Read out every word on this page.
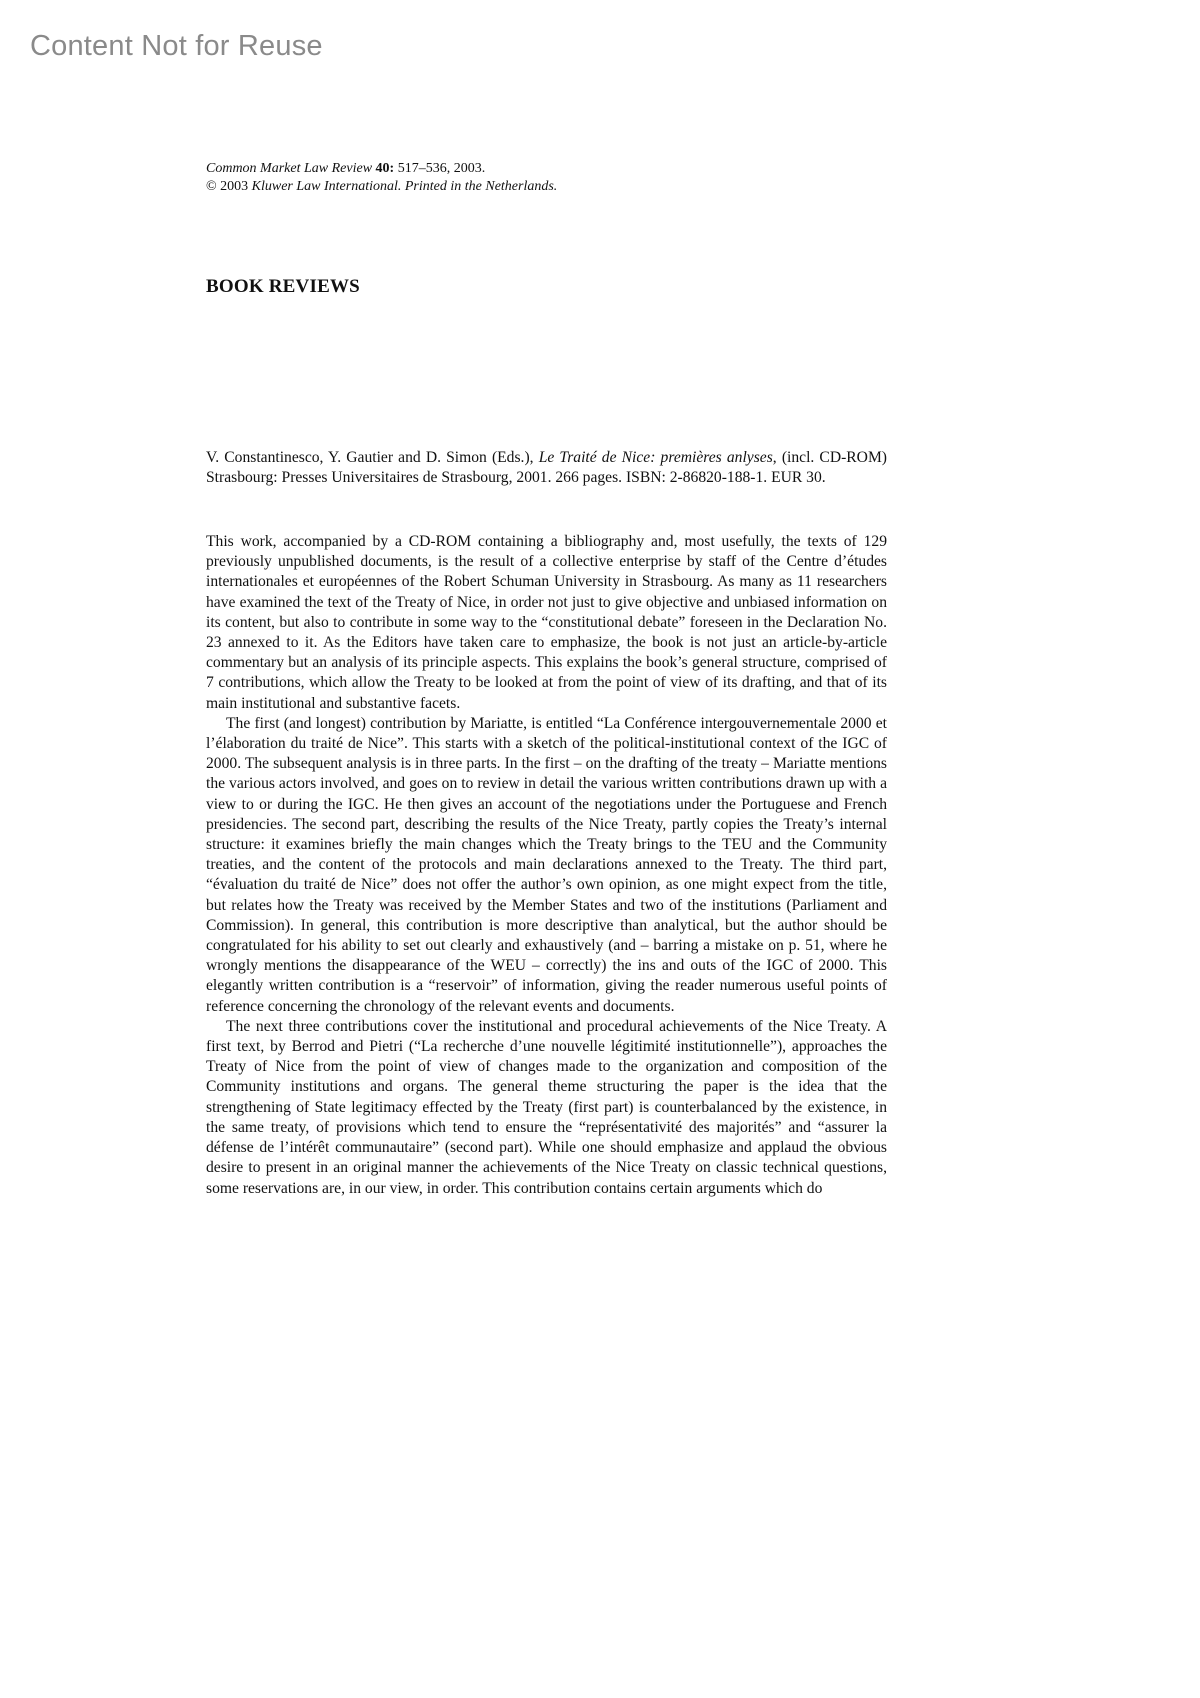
Content Not for Reuse
Common Market Law Review 40: 517–536, 2003.
© 2003 Kluwer Law International. Printed in the Netherlands.
BOOK REVIEWS
V. Constantinesco, Y. Gautier and D. Simon (Eds.), Le Traité de Nice: premières anlyses, (incl. CD-ROM) Strasbourg: Presses Universitaires de Strasbourg, 2001. 266 pages. ISBN: 2-86820-188-1. EUR 30.

This work, accompanied by a CD-ROM containing a bibliography and, most usefully, the texts of 129 previously unpublished documents, is the result of a collective enterprise by staff of the Centre d’études internationales et européennes of the Robert Schuman University in Strasbourg. As many as 11 researchers have examined the text of the Treaty of Nice, in order not just to give objective and unbiased information on its content, but also to contribute in some way to the “constitutional debate” foreseen in the Declaration No. 23 annexed to it. As the Editors have taken care to emphasize, the book is not just an article-by-article commentary but an analysis of its principle aspects. This explains the book’s general structure, comprised of 7 contributions, which allow the Treaty to be looked at from the point of view of its drafting, and that of its main institutional and substantive facets.

The first (and longest) contribution by Mariatte, is entitled “La Conférence intergouvernementale 2000 et l’élaboration du traité de Nice”. This starts with a sketch of the political-institutional context of the IGC of 2000. The subsequent analysis is in three parts. In the first – on the drafting of the treaty – Mariatte mentions the various actors involved, and goes on to review in detail the various written contributions drawn up with a view to or during the IGC. He then gives an account of the negotiations under the Portuguese and French presidencies. The second part, describing the results of the Nice Treaty, partly copies the Treaty’s internal structure: it examines briefly the main changes which the Treaty brings to the TEU and the Community treaties, and the content of the protocols and main declarations annexed to the Treaty. The third part, “évaluation du traité de Nice” does not offer the author’s own opinion, as one might expect from the title, but relates how the Treaty was received by the Member States and two of the institutions (Parliament and Commission). In general, this contribution is more descriptive than analytical, but the author should be congratulated for his ability to set out clearly and exhaustively (and – barring a mistake on p. 51, where he wrongly mentions the disappearance of the WEU – correctly) the ins and outs of the IGC of 2000. This elegantly written contribution is a “reservoir” of information, giving the reader numerous useful points of reference concerning the chronology of the relevant events and documents.

The next three contributions cover the institutional and procedural achievements of the Nice Treaty. A first text, by Berrod and Pietri (“La recherche d’une nouvelle légitimité institutionnelle”), approaches the Treaty of Nice from the point of view of changes made to the organization and composition of the Community institutions and organs. The general theme structuring the paper is the idea that the strengthening of State legitimacy effected by the Treaty (first part) is counterbalanced by the existence, in the same treaty, of provisions which tend to ensure the “représentativité des majorités” and “assurer la défense de l’intérêt communautaire” (second part). While one should emphasize and applaud the obvious desire to present in an original manner the achievements of the Nice Treaty on classic technical questions, some reservations are, in our view, in order. This contribution contains certain arguments which do
